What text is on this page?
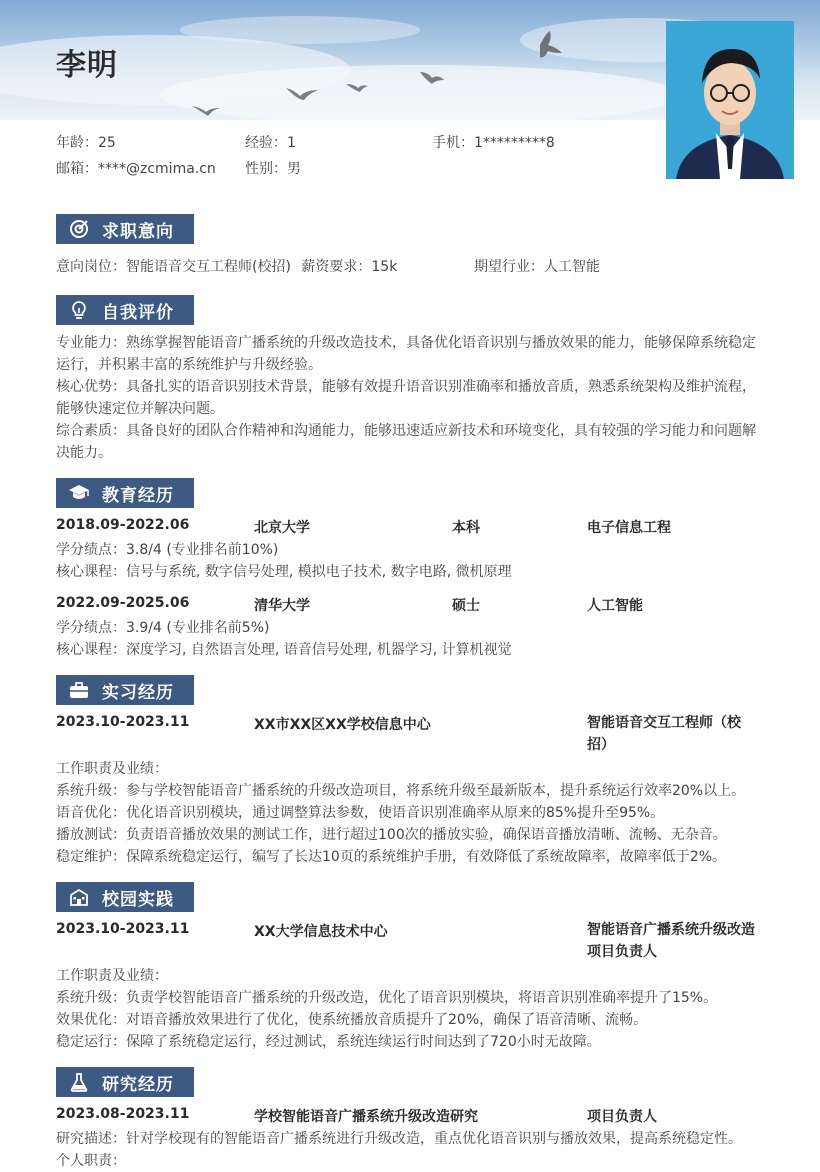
李明
年龄：25	经验：1	手机：1*********8
邮箱：****@zcmima.cn 性别：男
求职意向
意向岗位：智能语音交互工程师(校招) 薪资要求：15k	期望行业：人工智能
自我评价
专业能力：熟练掌握智能语音广播系统的升级改造技术，具备优化语音识别与播放效果的能力，能够保障系统稳定
运行，并积累丰富的系统维护与升级经验。
核心优势：具备扎实的语音识别技术背景，能够有效提升语音识别准确率和播放音质，熟悉系统架构及维护流程，
能够快速定位并解决问题。
综合素质：具备良好的团队合作精神和沟通能力，能够迅速适应新技术和环境变化，具有较强的学习能力和问题解
决能力。
教育经历
2018.09-2022.06	北京大学	本科	电子信息工程
学分绩点：3.8/4 (专业排名前10%)
核心课程：信号与系统, 数字信号处理, 模拟电子技术, 数字电路, 微机原理
2022.09-2025.06	清华大学	硕士	人工智能
学分绩点：3.9/4 (专业排名前5%)
核心课程：深度学习, 自然语言处理, 语音信号处理, 机器学习, 计算机视觉
实习经历
2023.10-2023.11	XX市XX区XX学校信息中心	智能语音交互工程师（校
招）
工作职责及业绩：
系统升级：参与学校智能语音广播系统的升级改造项目，将系统升级至最新版本，提升系统运行效率20%以上。
语音优化：优化语音识别模块，通过调整算法参数，使语音识别准确率从原来的85%提升至95%。
播放测试：负责语音播放效果的测试工作，进行超过100次的播放实验，确保语音播放清晰、流畅、无杂音。
稳定维护：保障系统稳定运行，编写了长达10页的系统维护手册，有效降低了系统故障率，故障率低于2%。
校园实践
2023.10-2023.11	XX大学信息技术中心	智能语音广播系统升级改造
项目负责人
工作职责及业绩：
系统升级：负责学校智能语音广播系统的升级改造，优化了语音识别模块，将语音识别准确率提升了15%。
效果优化：对语音播放效果进行了优化，使系统播放音质提升了20%，确保了语音清晰、流畅。
稳定运行：保障了系统稳定运行，经过测试，系统连续运行时间达到了720小时无故障。
研究经历
2023.08-2023.11	学校智能语音广播系统升级改造研究	项目负责人
研究描述：针对学校现有的智能语音广播系统进行升级改造，重点优化语音识别与播放效果，提高系统稳定性。
个人职责：
